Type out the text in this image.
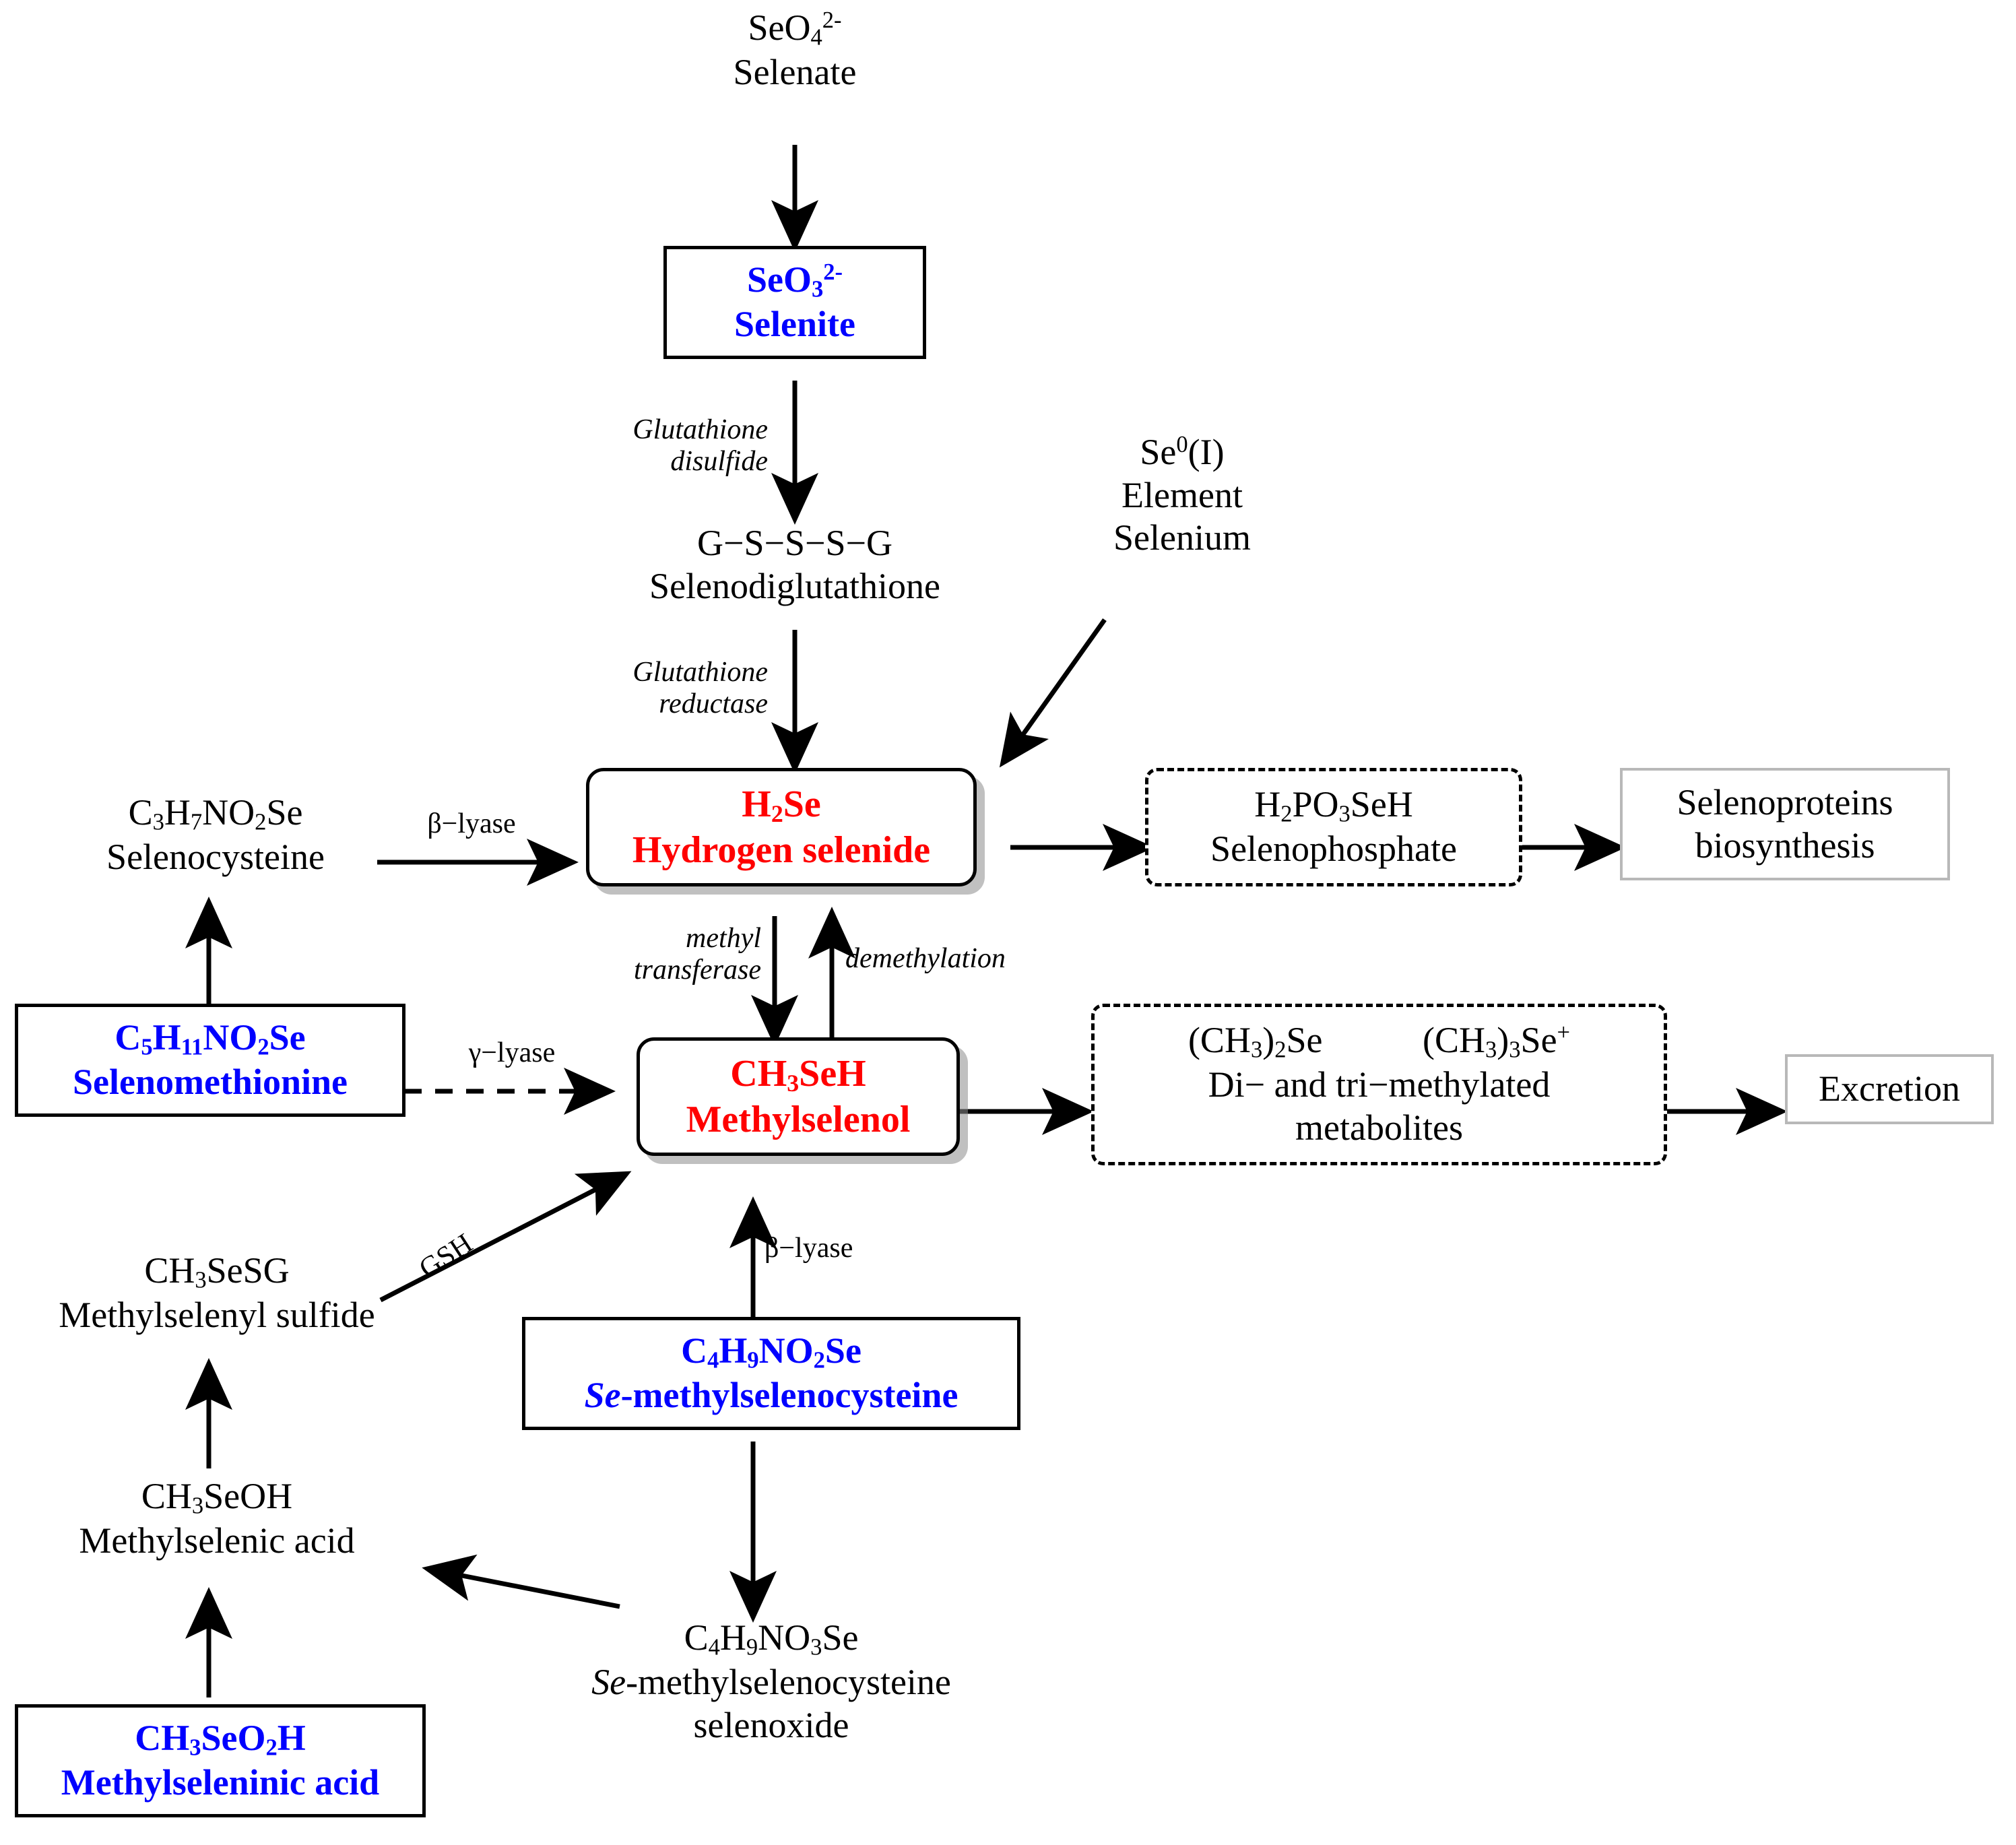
SeO$_4^{2-}$
Selenate
SeO$_3^{2-}$
Selenite
Glutathione
disulfide
G−S−S−S−G
Selenodiglutathione
Glutathione
reductase
Se$^0$(I)
Element
Selenium
$C_3H_7NO_2Se$
Selenocysteine
β−lyase	$H_2Se$
Hydrogen selenide
$H_2PO_3SeH$
Selenophosphate
Selenoproteins
biosynthesis
methyl
transferase	demethylation
$C_5H_{11}NO_2Se$
Selenomethionine
γ−lyase	$CH_3SeH$
Methylselenol
$(CH_3)_2Se$           $(CH_3)_3Se^+$
Di− and tri−methylated
metabolites
Excretion
GSH
$CH_3SeSG$
Methylselenyl sulfide
β−lyase
$C_4H_9NO_2Se$
Se-methylselenocysteine
$CH_3SeOH$
Methylselenic acid
$C_4H_9NO_3Se$
Se-methylselenocysteine
selenoxide
$CH_3SeO_2H$
Methylseleninic acid
